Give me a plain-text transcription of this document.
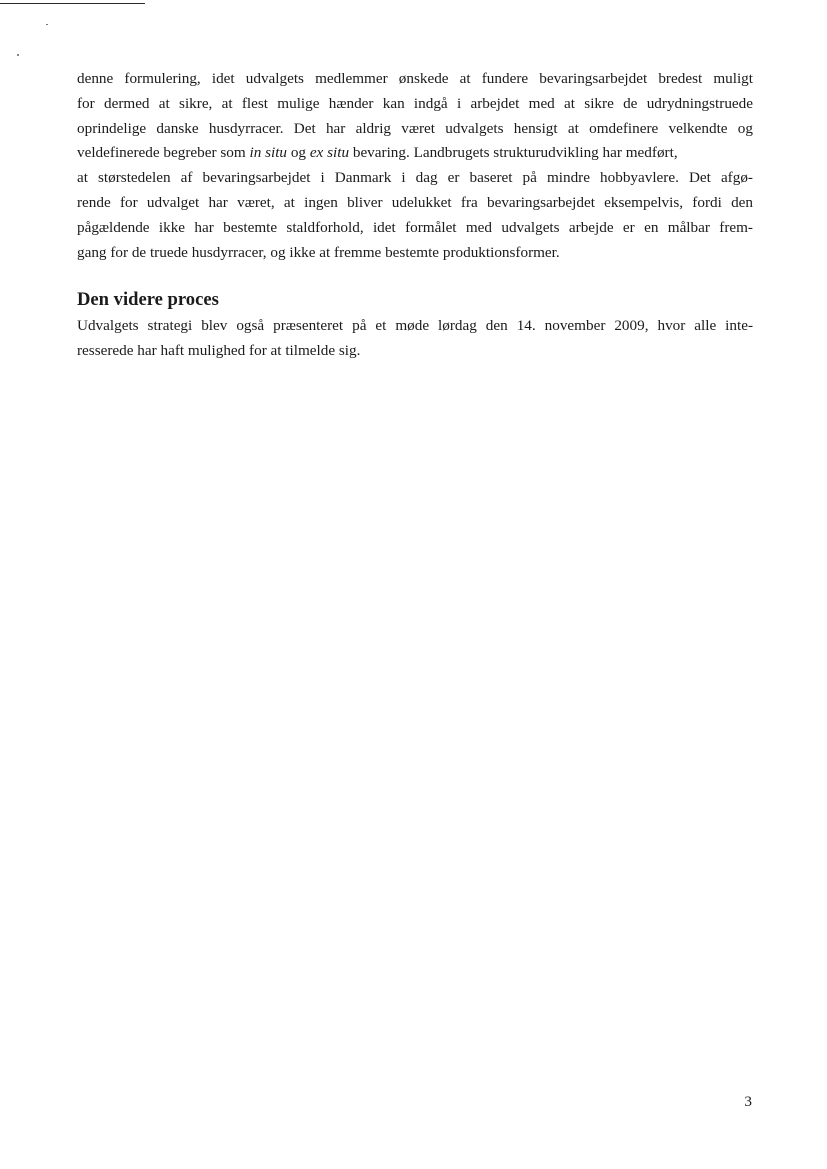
denne formulering, idet udvalgets medlemmer ønskede at fundere bevaringsarbejdet bredest muligt
for dermed at sikre, at flest mulige hænder kan indgå i arbejdet med at sikre de udrydningstruede
oprindelige danske husdyrracer. Det har aldrig været udvalgets hensigt at omdefinere velkendte og
veldefinerede begreber som in situ og ex situ bevaring. Landbrugets strukturudvikling har medført,
at størstedelen af bevaringsarbejdet i Danmark i dag er baseret på mindre hobbyavlere. Det afgø-
rende for udvalget har været, at ingen bliver udelukket fra bevaringsarbejdet eksempelvis, fordi den
pågældende ikke har bestemte staldforhold, idet formålet med udvalgets arbejde er en målbar frem-
gang for de truede husdyrracer, og ikke at fremme bestemte produktionsformer.
Den videre proces
Udvalgets strategi blev også præsenteret på et møde lørdag den 14. november 2009, hvor alle inte-
resserede har haft mulighed for at tilmelde sig.
3
